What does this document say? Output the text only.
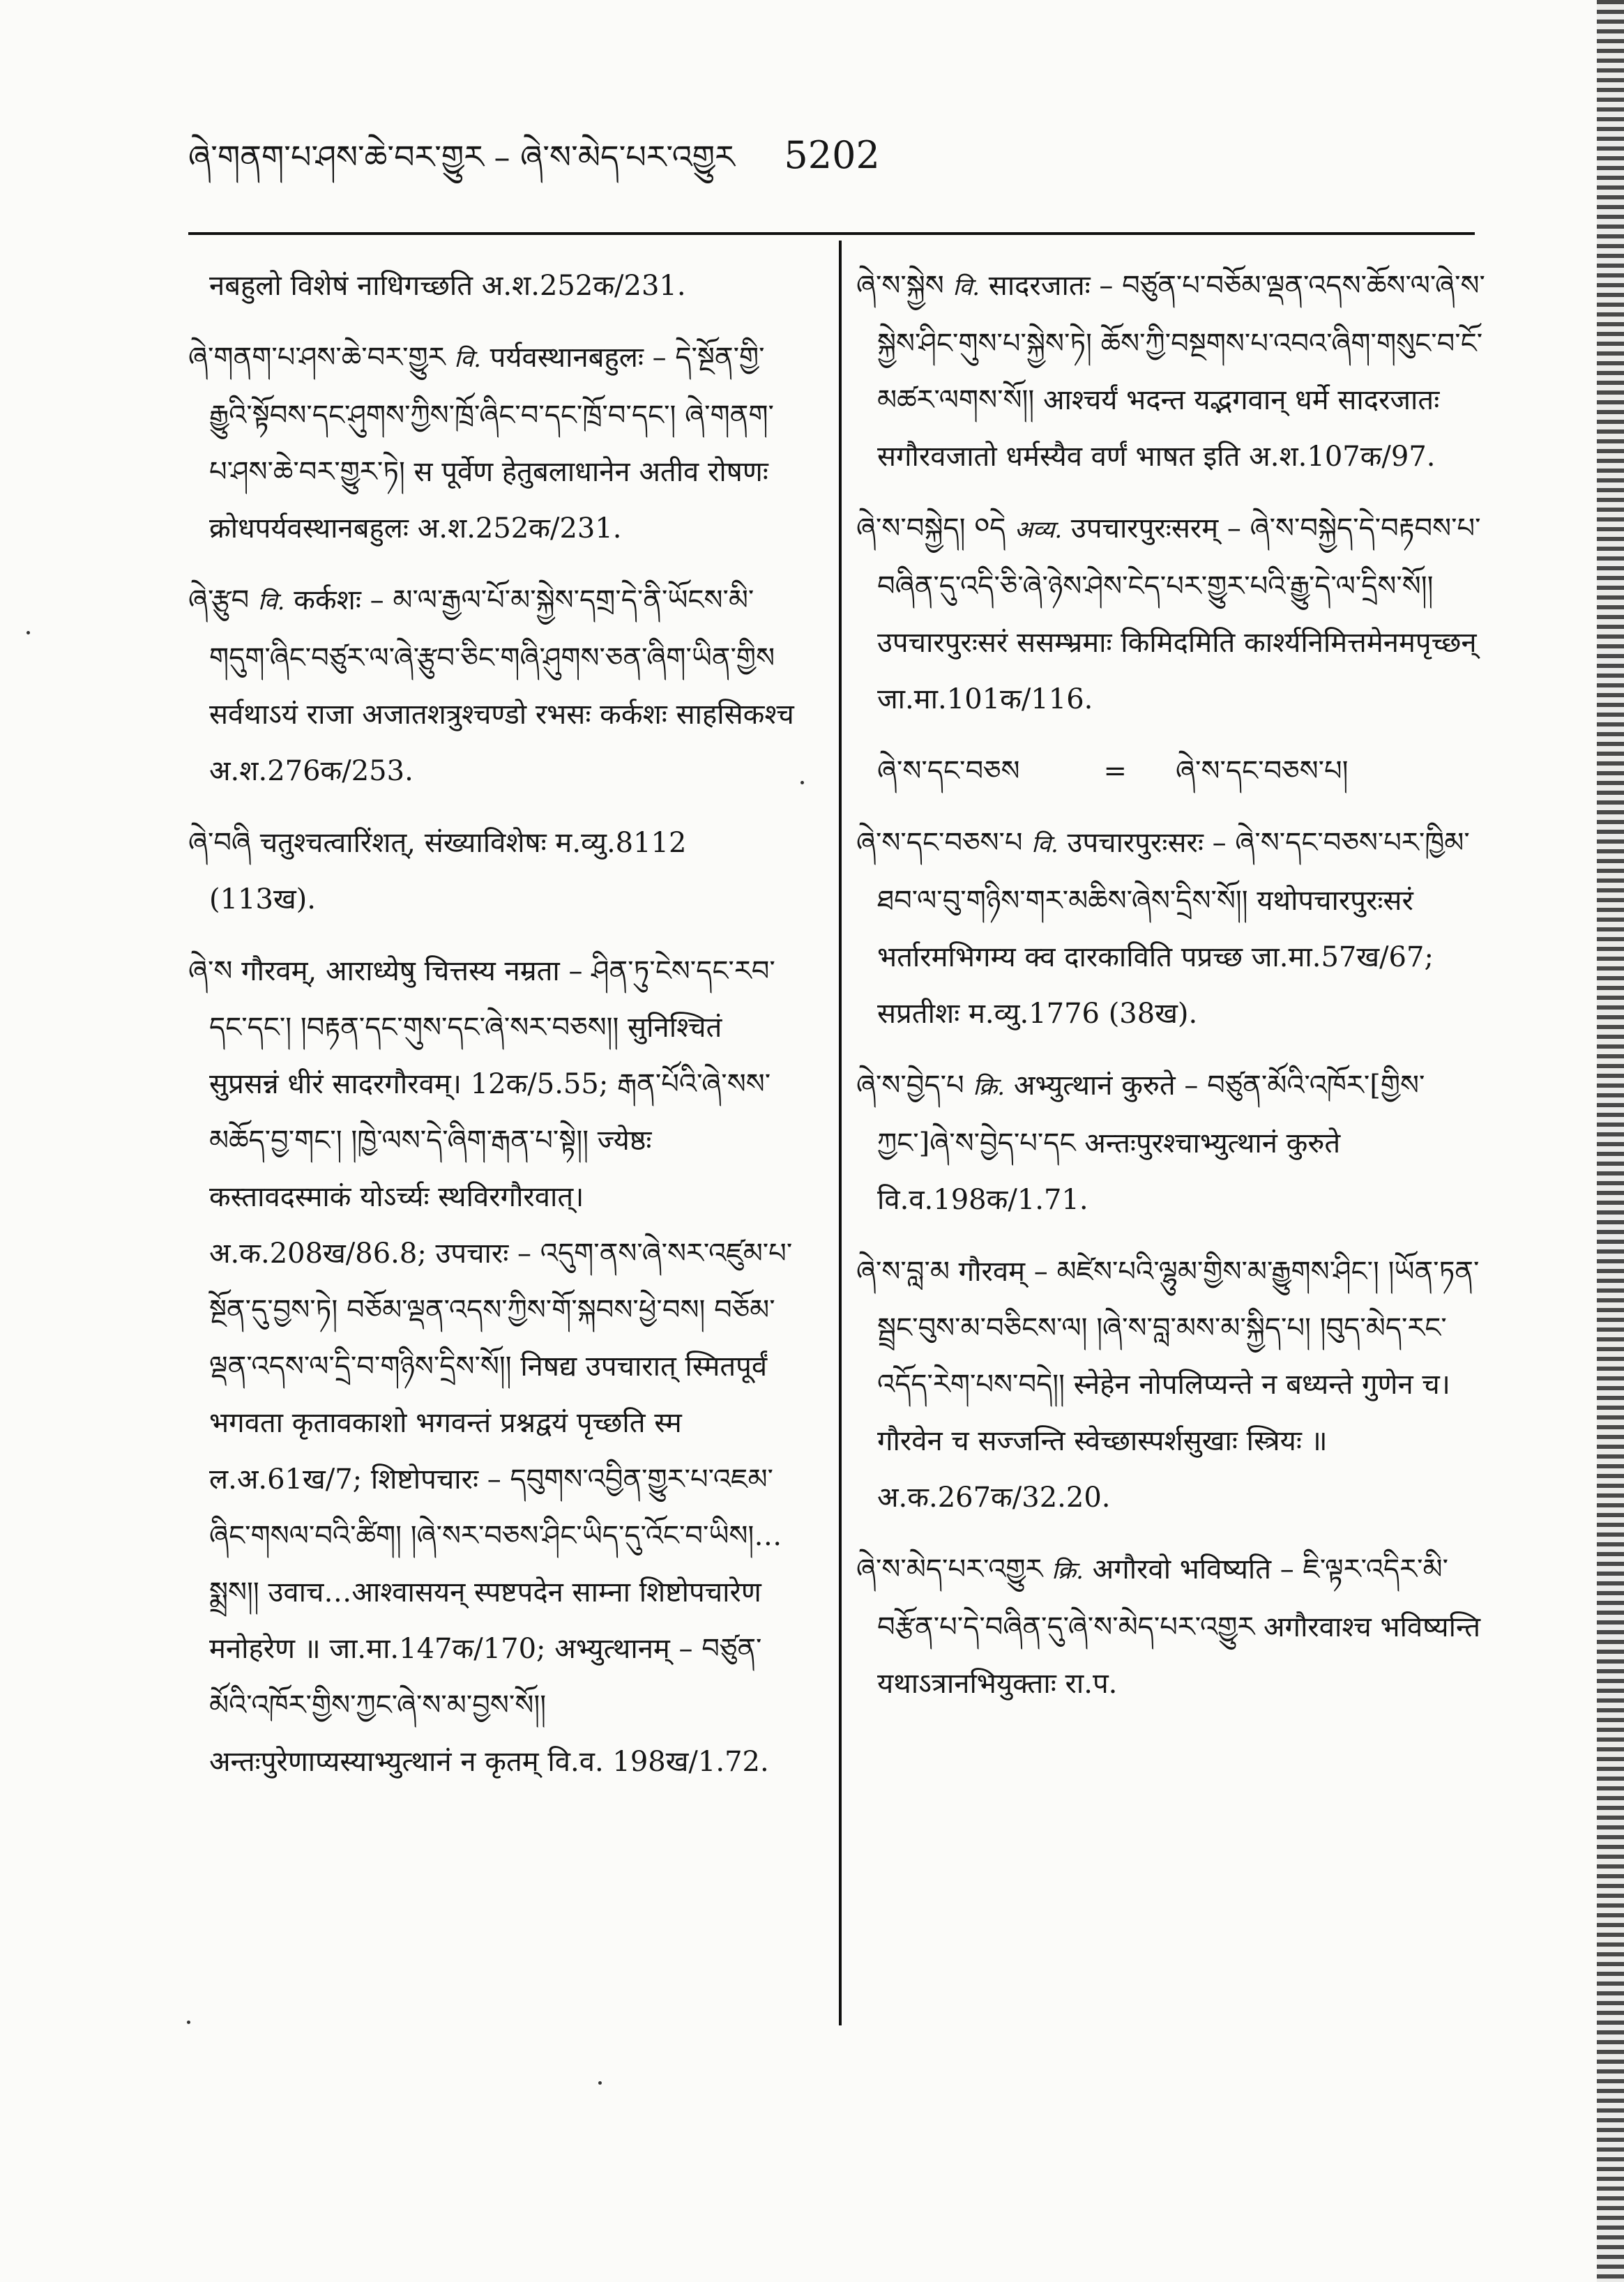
ཞེ་གནག་པ་ཤས་ཆེ་བར་གྱུར – ཞེ་ས་མེད་པར་འགྱུར 5202

नबहुलो विशेषं नाधिगच्छति अ.श.252क/231.

ཞེ་གནག་པ་ཤས་ཆེ་བར་གྱུར वि. पर्यवस्थानबहुलः – དེ་སྔོན་གྱི་རྒྱུའི་སྟོབས་དང་ཤུགས་ཀྱིས་ཁྲོ་ཞིང་བ་དང་ཁྲོ་བ་དང་། ཞེ་གནག་པ་ཤས་ཆེ་བར་གྱུར་ཏེ། स पूर्वेण हेतुबलाधानेन अतीव रोषणः क्रोधपर्यवस्थानबहुलः अ.श.252क/231.

ཞེ་རྩུབ वि. कर्कशः – མ་ལ་རྒྱལ་པོ་མ་སྐྱེས་དགྲ་དེ་ནི་ཡོངས་མི་གདུག་ཞིང་བཙུར་ལ་ཞེ་རྩུབ་ཅིང་གཞི་ཤུགས་ཅན་ཞིག་ཡིན་གྱིས सर्वथाऽयं राजा अजातशत्रुश्चण्डो रभसः कर्कशः साहसिकश्च अ.श.276क/253.

ཞེ་བཞི चतुश्चत्वारिंशत्, संख्याविशेषः म.व्यु.8112 (113ख).

ཞེ་ས गौरवम्, आराध्येषु चित्तस्य नम्रता – ཤིན་ཏུ་ངེས་དང་རབ་དང་དང་། །བརྟན་དང་གུས་དང་ཞེ་སར་བཅས།། सुनिश्चितं सुप्रसन्नं धीरं सादरगौरवम्। 12क/5.55; རྒན་པོའི་ཞེ་སས་མཆོད་བྱ་གང་། །ཁྱེ་ལས་དེ་ཞིག་རྒན་པ་སྟེ།། ज्येष्ठः कस्तावदस्माकं योऽर्च्यः स्थविरगौरवात्। अ.क.208ख/86.8; उपचारः – འདུག་ནས་ཞེ་སར་འཛུམ་པ་སྔོན་དུ་བྱས་ཏེ། བཅོམ་ལྡན་འདས་ཀྱིས་གོ་སྐབས་ཕྱེ་བས། བཅོམ་ལྡན་འདས་ལ་དྲི་བ་གཉིས་དྲིས་སོ།། निषद्य उपचारात् स्मितपूर्वं भगवता कृतावकाशो भगवन्तं प्रश्नद्वयं पृच्छति स्म ल.अ.61ख/7; शिष्टोपचारः – དབུགས་འབྱིན་གྱུར་པ་འཇམ་ཞིང་གསལ་བའི་ཚིག། །ཞེ་སར་བཅས་ཤིང་ཡིད་དུ་འོང་བ་ཡིས།…སྨྲས།། उवाच…आश्वासयन् स्पष्टपदेन साम्ना शिष्टोपचारेण मनोहरेण ॥ जा.मा.147क/170; अभ्युत्थानम् – བཙུན་མོའི་འཁོར་གྱིས་ཀྱང་ཞེ་ས་མ་བྱས་སོ།། अन्तःपुरेणाप्यस्याभ्युत्थानं न कृतम् वि.व. 198ख/1.72.

ཞེ་ས་སྐྱེས वि. सादरजातः – བཙུན་པ་བཅོམ་ལྡན་འདས་ཆོས་ལ་ཞེ་ས་སྐྱེས་ཤིང་གུས་པ་སྐྱེས་ཏེ། ཆོས་ཀྱི་བསྔགས་པ་འབའ་ཞིག་གསུང་བ་ངོ་མཚར་ལགས་སོ།། आश्चर्यं भदन्त यद्भगवान् धर्मे सादरजातः सगौरवजातो धर्मस्यैव वर्णं भाषत इति अ.श.107क/97.

ཞེ་ས་བསྐྱེད། ༠དེ अव्य. उपचारपुरःसरम् – ཞེ་ས་བསྐྱེད་དེ་བརྟབས་པ་བཞིན་དུ་འདི་ཅི་ཞེ་ཉེས་ཤེས་ངེད་པར་གྱུར་པའི་རྒྱུ་དེ་ལ་དྲིས་སོ།། उपचारपुरःसरं ससम्भ्रमाः किमिदमिति कार्श्यनिमित्तमेनमपृच्छन् जा.मा.101क/116.

ཞེ་ས་དང་བཅས	= ཞེ་ས་དང་བཅས་པ།

ཞེ་ས་དང་བཅས་པ वि. उपचारपुरःसरः – ཞེ་ས་དང་བཅས་པར་ཁྱིམ་ཐབ་ལ་བུ་གཉིས་གར་མཆིས་ཞེས་དྲིས་སོ།། यथोपचारपुरःसरं भर्तारमभिगम्य क्व दारकाविति पप्रच्छ जा.मा.57ख/67; सप्रतीशः म.व्यु.1776 (38ख).

ཞེ་ས་བྱེད་པ क्रि. अभ्युत्थानं कुरुते – བཙུན་མོའི་འཁོར་[གྱིས་ཀྱང་]ཞེ་ས་བྱེད་པ་དང अन्तःपुरश्चाभ्युत्थानं कुरुते वि.व.198क/1.71.

ཞེ་ས་བླ་མ गौरवम् – མཛེས་པའི་ལྷུམ་གྱིས་མ་རྒྱུགས་ཤིང་། །ཡོན་ཏན་སྦྲང་བུས་མ་བཅིངས་ལ། །ཞེ་ས་བླ་མས་མ་སྐྱིད་པ། །བུད་མེད་རང་འདོད་རེག་པས་བདེ།། स्नेहेन नोपलिप्यन्ते न बध्यन्ते गुणेन च। गौरवेन च सज्जन्ति स्वेच्छास्पर्शसुखाः स्त्रियः ॥ अ.क.267क/32.20.

ཞེ་ས་མེད་པར་འགྱུར क्रि. अगौरवो भविष्यति – ཇི་ལྟར་འདིར་མི་བརྩོན་པ་དེ་བཞིན་དུ་ཞེ་ས་མེད་པར་འགྱུར अगौरवाश्च भविष्यन्ति यथाऽत्रानभियुक्ताः रा.प.
